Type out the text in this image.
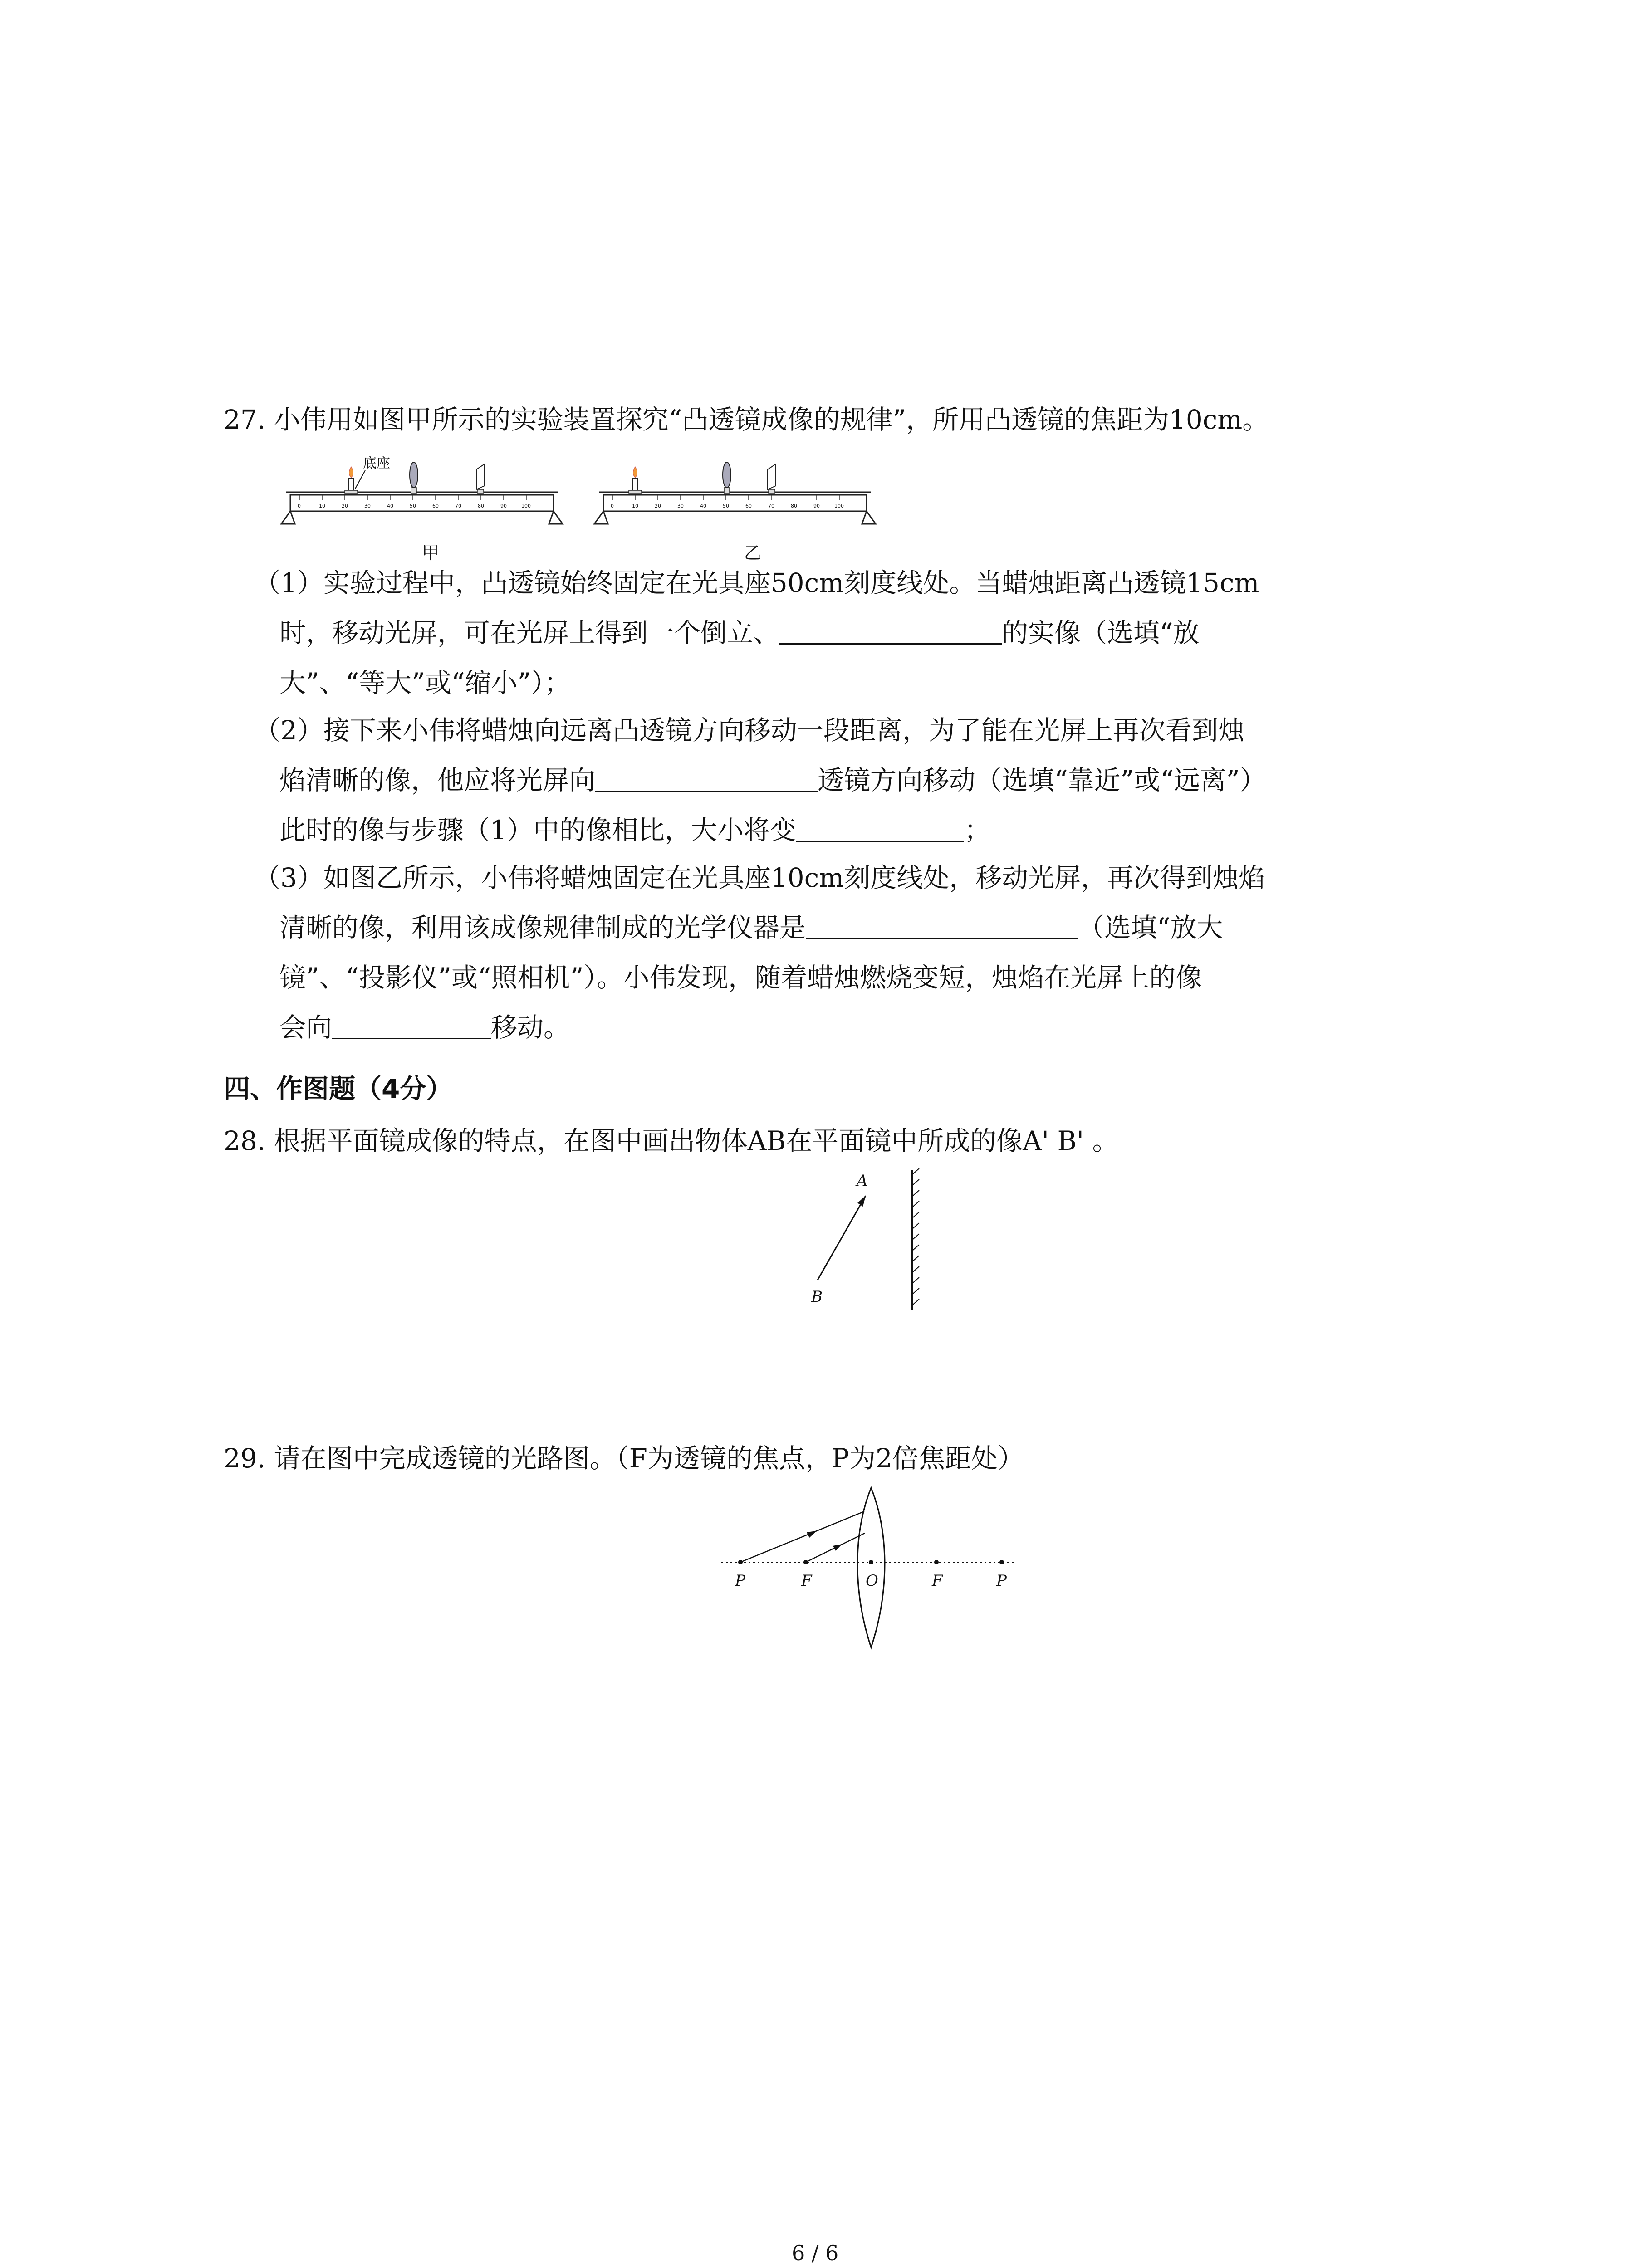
27. 小伟用如图甲所示的实验装置探究“凸透镜成像的规律”，所用凸透镜的焦距为10cm。
0	10	20	30	40	50	60	70	80	90	100
底座
0	10	20	30	40	50	60	70	80	90	100
甲	乙
（1）实验过程中，凸透镜始终固定在光具座50cm刻度线处。当蜡烛距离凸透镜15cm
时，移动光屏，可在光屏上得到一个倒立、	的实像（选填“放
大”、“等大”或“缩小”）；
（2）接下来小伟将蜡烛向远离凸透镜方向移动一段距离，为了能在光屏上再次看到烛
焰清晰的像，他应将光屏向	透镜方向移动（选填“靠近”或“远离”）
此时的像与步骤（1）中的像相比，大小将变	；
（3）如图乙所示，小伟将蜡烛固定在光具座10cm刻度线处，移动光屏，再次得到烛焰
清晰的像，利用该成像规律制成的光学仪器是	（选填“放大
镜”、“投影仪”或“照相机”）。小伟发现，随着蜡烛燃烧变短，烛焰在光屏上的像
会向	移动。
四、作图题（4分）
28. 根据平面镜成像的特点，在图中画出物体AB在平面镜中所成的像A' B' 。
A
B
29. 请在图中完成透镜的光路图。（F为透镜的焦点，P为2倍焦距处）
P	F	O	F	P
6 / 6
